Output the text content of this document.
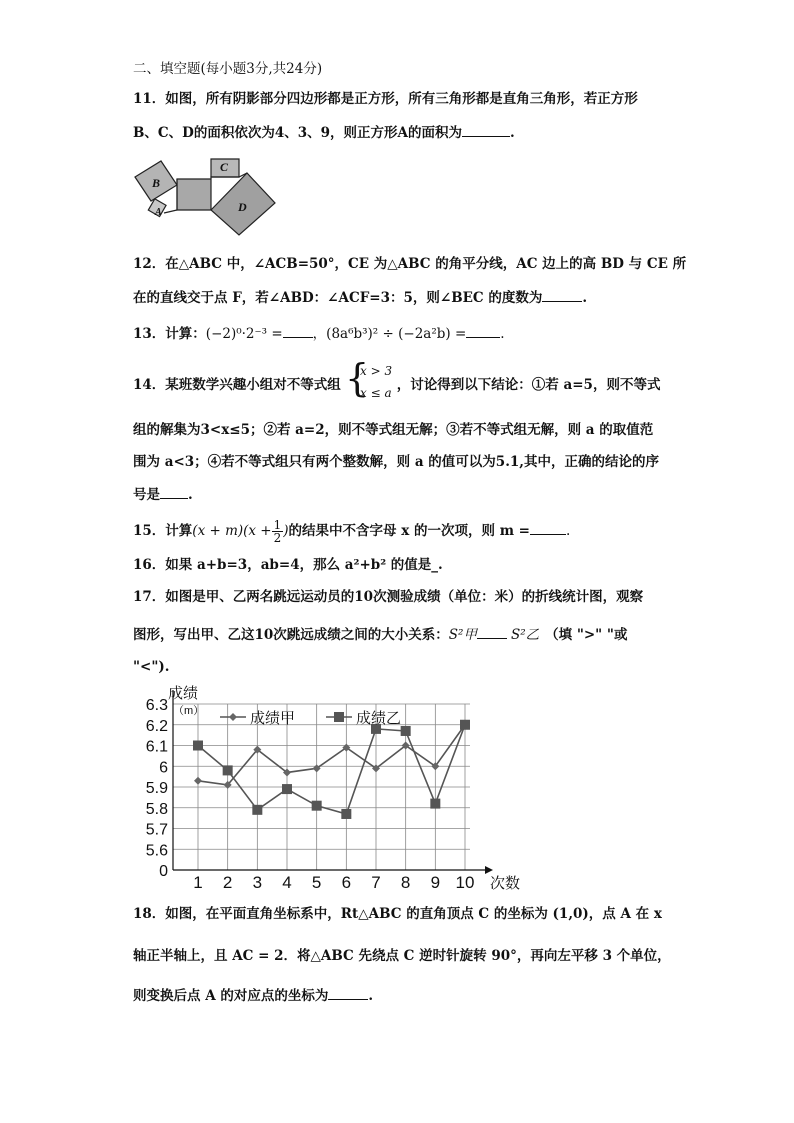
二、填空题(每小题3分,共24分)
11．如图，所有阴影部分四边形都是正方形，所有三角形都是直角三角形，若正方形
B、C、D的面积依次为4、3、9，则正方形A的面积为	.
B
C
D
A
12．在△ABC 中，∠ACB=50°，CE 为△ABC 的角平分线，AC 边上的高 BD 与 CE 所
在的直线交于点 F，若∠ABD：∠ACF=3：5，则∠BEC 的度数为	.
13．计算：(−2)⁰·2⁻³ = ，(8a⁶b³)² ÷ (−2a²b) =	.
14．某班数学兴趣小组对不等式组	，讨论得到以下结论：①若 a=5，则不等式
{
x > 3
x ≤ a
组的解集为3<x≤5；②若 a=2，则不等式组无解；③若不等式组无解，则 a 的取值范
围为 a<3；④若不等式组只有两个整数解，则 a 的值可以为5.1,其中，正确的结论的序
号是 .
15．计算$(x + m)(x + \frac{1}{2}$ )的结果中不含字母 x 的一次项，则 m =	.
16．如果 a+b=3，ab=4，那么 a²+b² 的值是_.
17．如图是甲、乙两名跳远运动员的10次测验成绩（单位：米）的折线统计图，观察
图形，写出甲、乙这10次跳远成绩之间的大小关系：S²甲	S²乙 （填 ">" "或
"<").
0
5.6
5.7
5.8
5.9
6
6.1
6.2
6.3
1 2 3 4 5 6 7 8 9 10
成绩
（m）
次数
成绩甲	成绩乙
18．如图，在平面直角坐标系中，Rt△ABC 的直角顶点 C 的坐标为 (1,0)，点 A 在 x
轴正半轴上，且 AC = 2．将△ABC 先绕点 C 逆时针旋转 90°，再向左平移 3 个单位，
则变换后点 A 的对应点的坐标为	.
